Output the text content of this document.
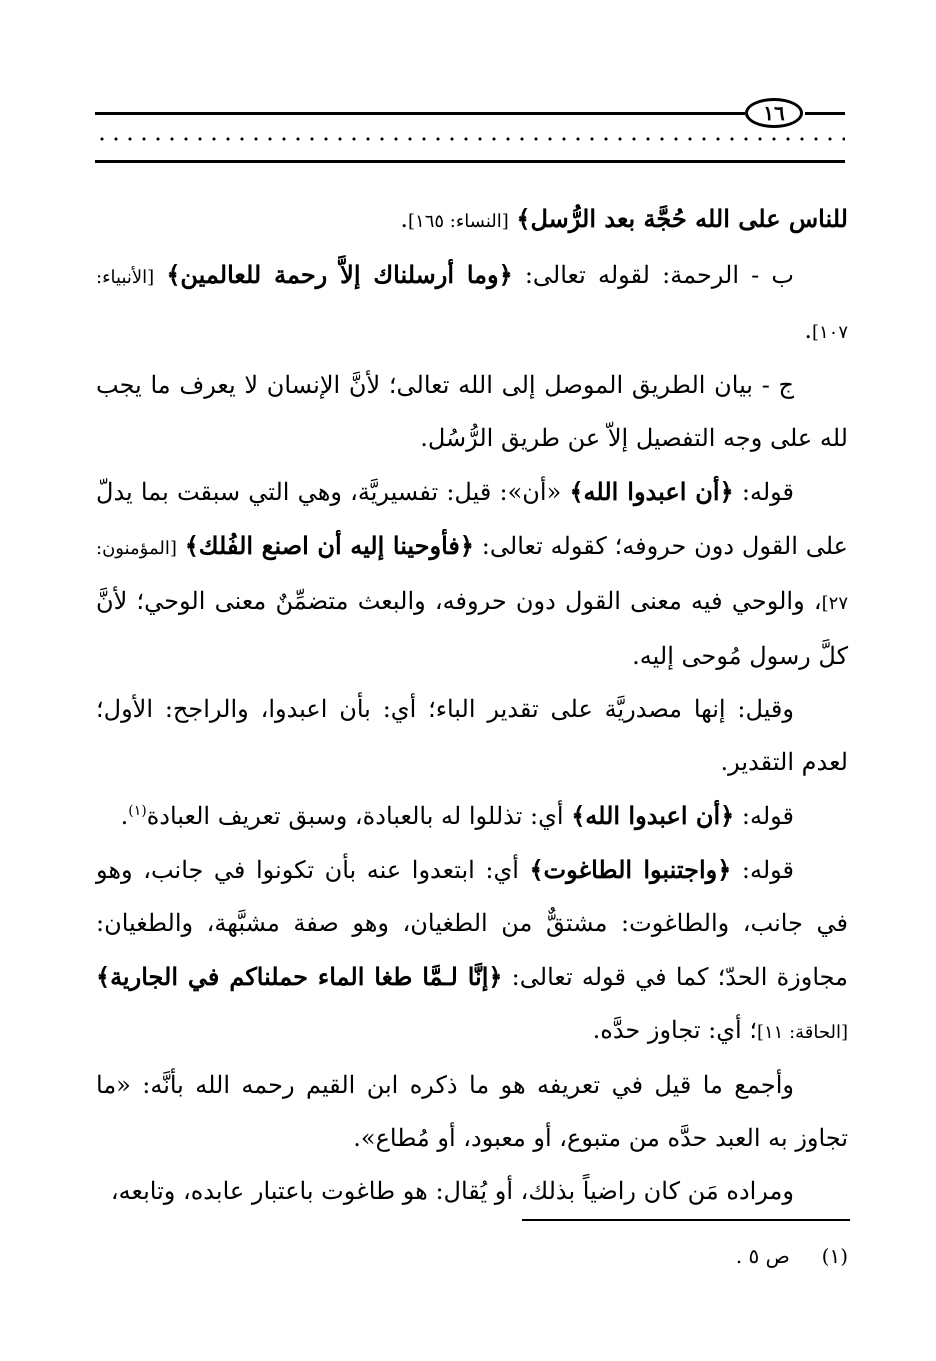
١٦

للناس على الله حُجَّة بعد الرُّسل﴾ [النساء: ١٦٥].

ب - الرحمة: لقوله تعالى: ﴿وما أرسلناك إلاَّ رحمة للعالمين﴾ [الأنبياء: ١٠٧].

ج - بيان الطريق الموصل إلى الله تعالى؛ لأنَّ الإنسان لا يعرف ما يجب لله على وجه التفصيل إلاّ عن طريق الرُّسُل.

قوله: ﴿أن اعبدوا الله﴾ «أن»: قيل: تفسيريَّة، وهي التي سبقت بما يدلّ على القول دون حروفه؛ كقوله تعالى: ﴿فأوحينا إليه أن اصنع الفُلك﴾ [المؤمنون: ٢٧]، والوحي فيه معنى القول دون حروفه، والبعث متضمِّنٌ معنى الوحي؛ لأنَّ كلَّ رسول مُوحى إليه.

وقيل: إنها مصدريَّة على تقدير الباء؛ أي: بأن اعبدوا، والراجح: الأول؛ لعدم التقدير.

قوله: ﴿أن اعبدوا الله﴾ أي: تذللوا له بالعبادة، وسبق تعريف العبادة$^{(١)}$.

قوله: ﴿واجتنبوا الطاغوت﴾ أي: ابتعدوا عنه بأن تكونوا في جانب، وهو في جانب، والطاغوت: مشتقٌّ من الطغيان، وهو صفة مشبَّهة، والطغيان: مجاوزة الحدّ؛ كما في قوله تعالى: ﴿إنَّا لـمَّا طغا الماء حملناكم في الجارية﴾ [الحاقة: ١١]؛ أي: تجاوز حدَّه.

وأجمع ما قيل في تعريفه هو ما ذكره ابن القيم رحمه الله بأنَّه: «ما تجاوز به العبد حدَّه من متبوع، أو معبود، أو مُطاع».

ومراده مَن كان راضياً بذلك، أو يُقال: هو طاغوت باعتبار عابده، وتابعه،

(١)     ص ٥ .
